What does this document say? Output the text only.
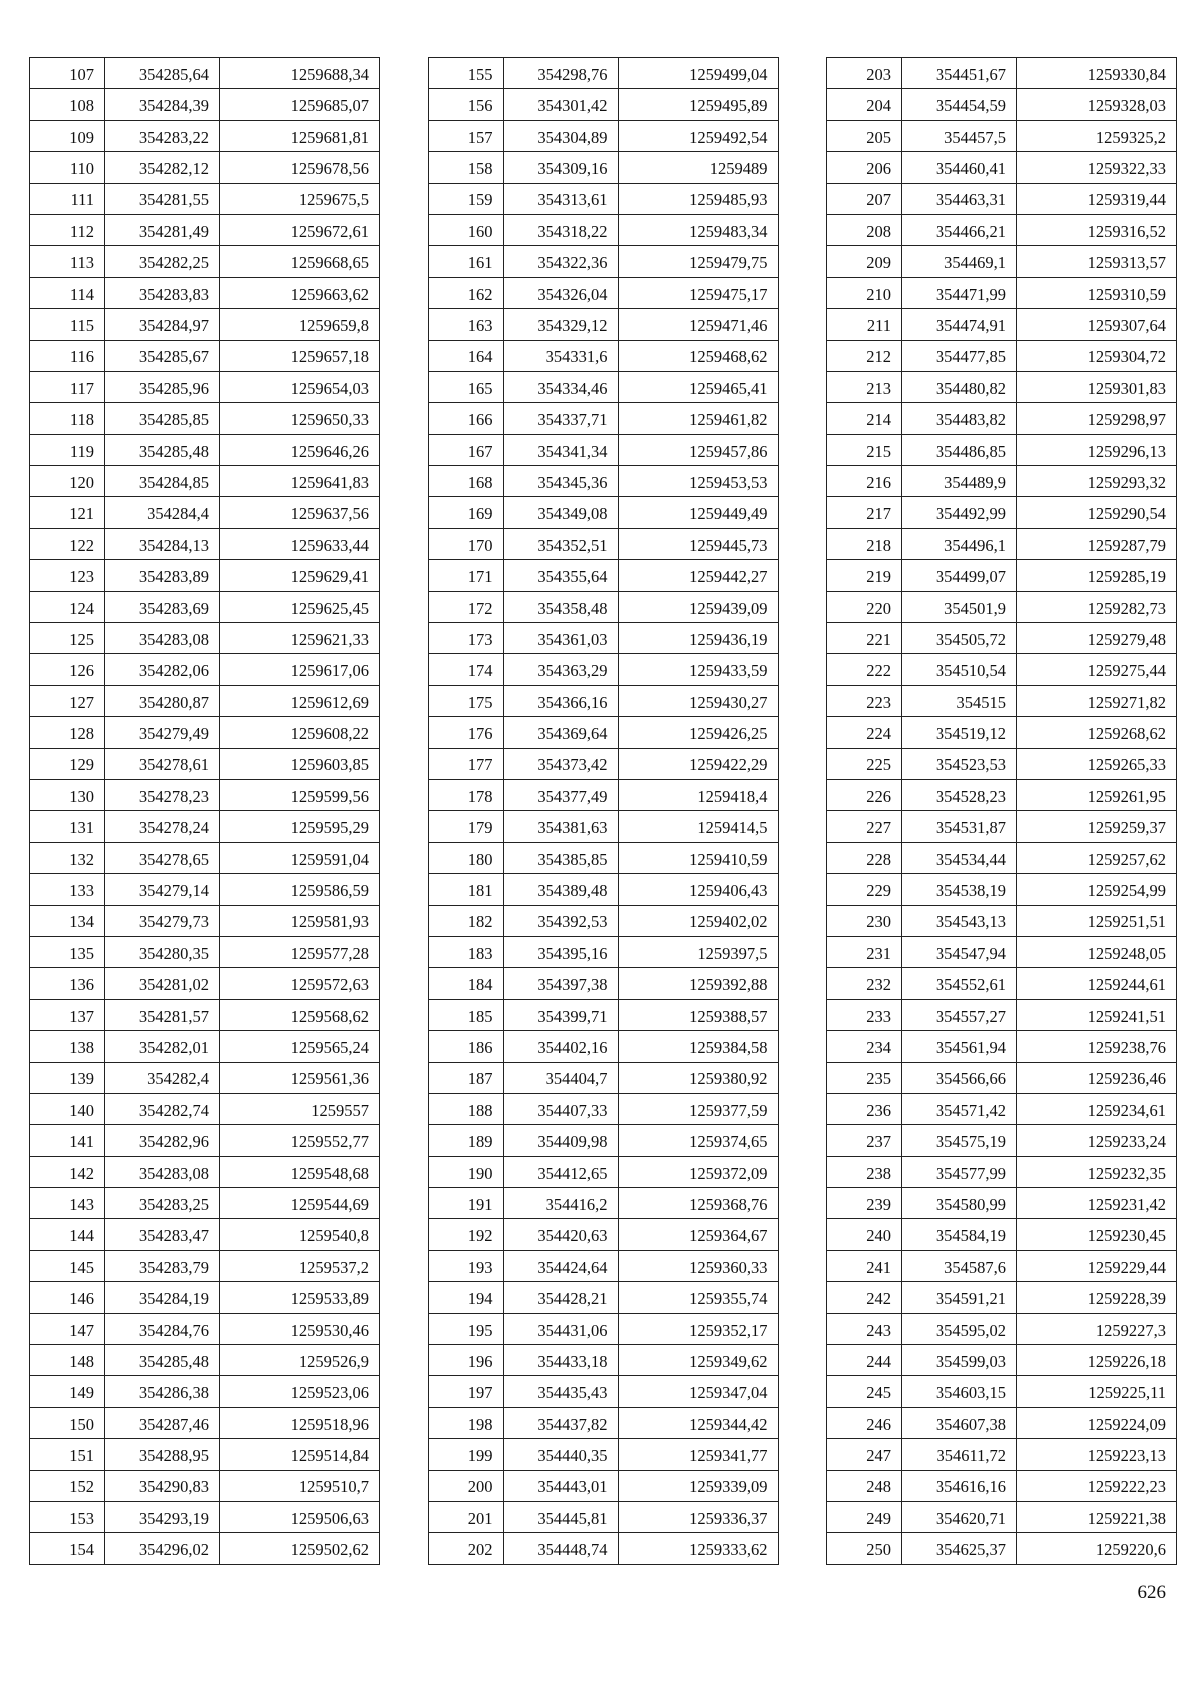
107	354285,64	1259688,34
108	354284,39	1259685,07
109	354283,22	1259681,81
110	354282,12	1259678,56
111	354281,55	1259675,5
112	354281,49	1259672,61
113	354282,25	1259668,65
114	354283,83	1259663,62
115	354284,97	1259659,8
116	354285,67	1259657,18
117	354285,96	1259654,03
118	354285,85	1259650,33
119	354285,48	1259646,26
120	354284,85	1259641,83
121	354284,4	1259637,56
122	354284,13	1259633,44
123	354283,89	1259629,41
124	354283,69	1259625,45
125	354283,08	1259621,33
126	354282,06	1259617,06
127	354280,87	1259612,69
128	354279,49	1259608,22
129	354278,61	1259603,85
130	354278,23	1259599,56
131	354278,24	1259595,29
132	354278,65	1259591,04
133	354279,14	1259586,59
134	354279,73	1259581,93
135	354280,35	1259577,28
136	354281,02	1259572,63
137	354281,57	1259568,62
138	354282,01	1259565,24
139	354282,4	1259561,36
140	354282,74	1259557
141	354282,96	1259552,77
142	354283,08	1259548,68
143	354283,25	1259544,69
144	354283,47	1259540,8
145	354283,79	1259537,2
146	354284,19	1259533,89
147	354284,76	1259530,46
148	354285,48	1259526,9
149	354286,38	1259523,06
150	354287,46	1259518,96
151	354288,95	1259514,84
152	354290,83	1259510,7
153	354293,19	1259506,63
154	354296,02	1259502,62
155	354298,76	1259499,04
156	354301,42	1259495,89
157	354304,89	1259492,54
158	354309,16	1259489
159	354313,61	1259485,93
160	354318,22	1259483,34
161	354322,36	1259479,75
162	354326,04	1259475,17
163	354329,12	1259471,46
164	354331,6	1259468,62
165	354334,46	1259465,41
166	354337,71	1259461,82
167	354341,34	1259457,86
168	354345,36	1259453,53
169	354349,08	1259449,49
170	354352,51	1259445,73
171	354355,64	1259442,27
172	354358,48	1259439,09
173	354361,03	1259436,19
174	354363,29	1259433,59
175	354366,16	1259430,27
176	354369,64	1259426,25
177	354373,42	1259422,29
178	354377,49	1259418,4
179	354381,63	1259414,5
180	354385,85	1259410,59
181	354389,48	1259406,43
182	354392,53	1259402,02
183	354395,16	1259397,5
184	354397,38	1259392,88
185	354399,71	1259388,57
186	354402,16	1259384,58
187	354404,7	1259380,92
188	354407,33	1259377,59
189	354409,98	1259374,65
190	354412,65	1259372,09
191	354416,2	1259368,76
192	354420,63	1259364,67
193	354424,64	1259360,33
194	354428,21	1259355,74
195	354431,06	1259352,17
196	354433,18	1259349,62
197	354435,43	1259347,04
198	354437,82	1259344,42
199	354440,35	1259341,77
200	354443,01	1259339,09
201	354445,81	1259336,37
202	354448,74	1259333,62
203	354451,67	1259330,84
204	354454,59	1259328,03
205	354457,5	1259325,2
206	354460,41	1259322,33
207	354463,31	1259319,44
208	354466,21	1259316,52
209	354469,1	1259313,57
210	354471,99	1259310,59
211	354474,91	1259307,64
212	354477,85	1259304,72
213	354480,82	1259301,83
214	354483,82	1259298,97
215	354486,85	1259296,13
216	354489,9	1259293,32
217	354492,99	1259290,54
218	354496,1	1259287,79
219	354499,07	1259285,19
220	354501,9	1259282,73
221	354505,72	1259279,48
222	354510,54	1259275,44
223	354515	1259271,82
224	354519,12	1259268,62
225	354523,53	1259265,33
226	354528,23	1259261,95
227	354531,87	1259259,37
228	354534,44	1259257,62
229	354538,19	1259254,99
230	354543,13	1259251,51
231	354547,94	1259248,05
232	354552,61	1259244,61
233	354557,27	1259241,51
234	354561,94	1259238,76
235	354566,66	1259236,46
236	354571,42	1259234,61
237	354575,19	1259233,24
238	354577,99	1259232,35
239	354580,99	1259231,42
240	354584,19	1259230,45
241	354587,6	1259229,44
242	354591,21	1259228,39
243	354595,02	1259227,3
244	354599,03	1259226,18
245	354603,15	1259225,11
246	354607,38	1259224,09
247	354611,72	1259223,13
248	354616,16	1259222,23
249	354620,71	1259221,38
250	354625,37	1259220,6
626
